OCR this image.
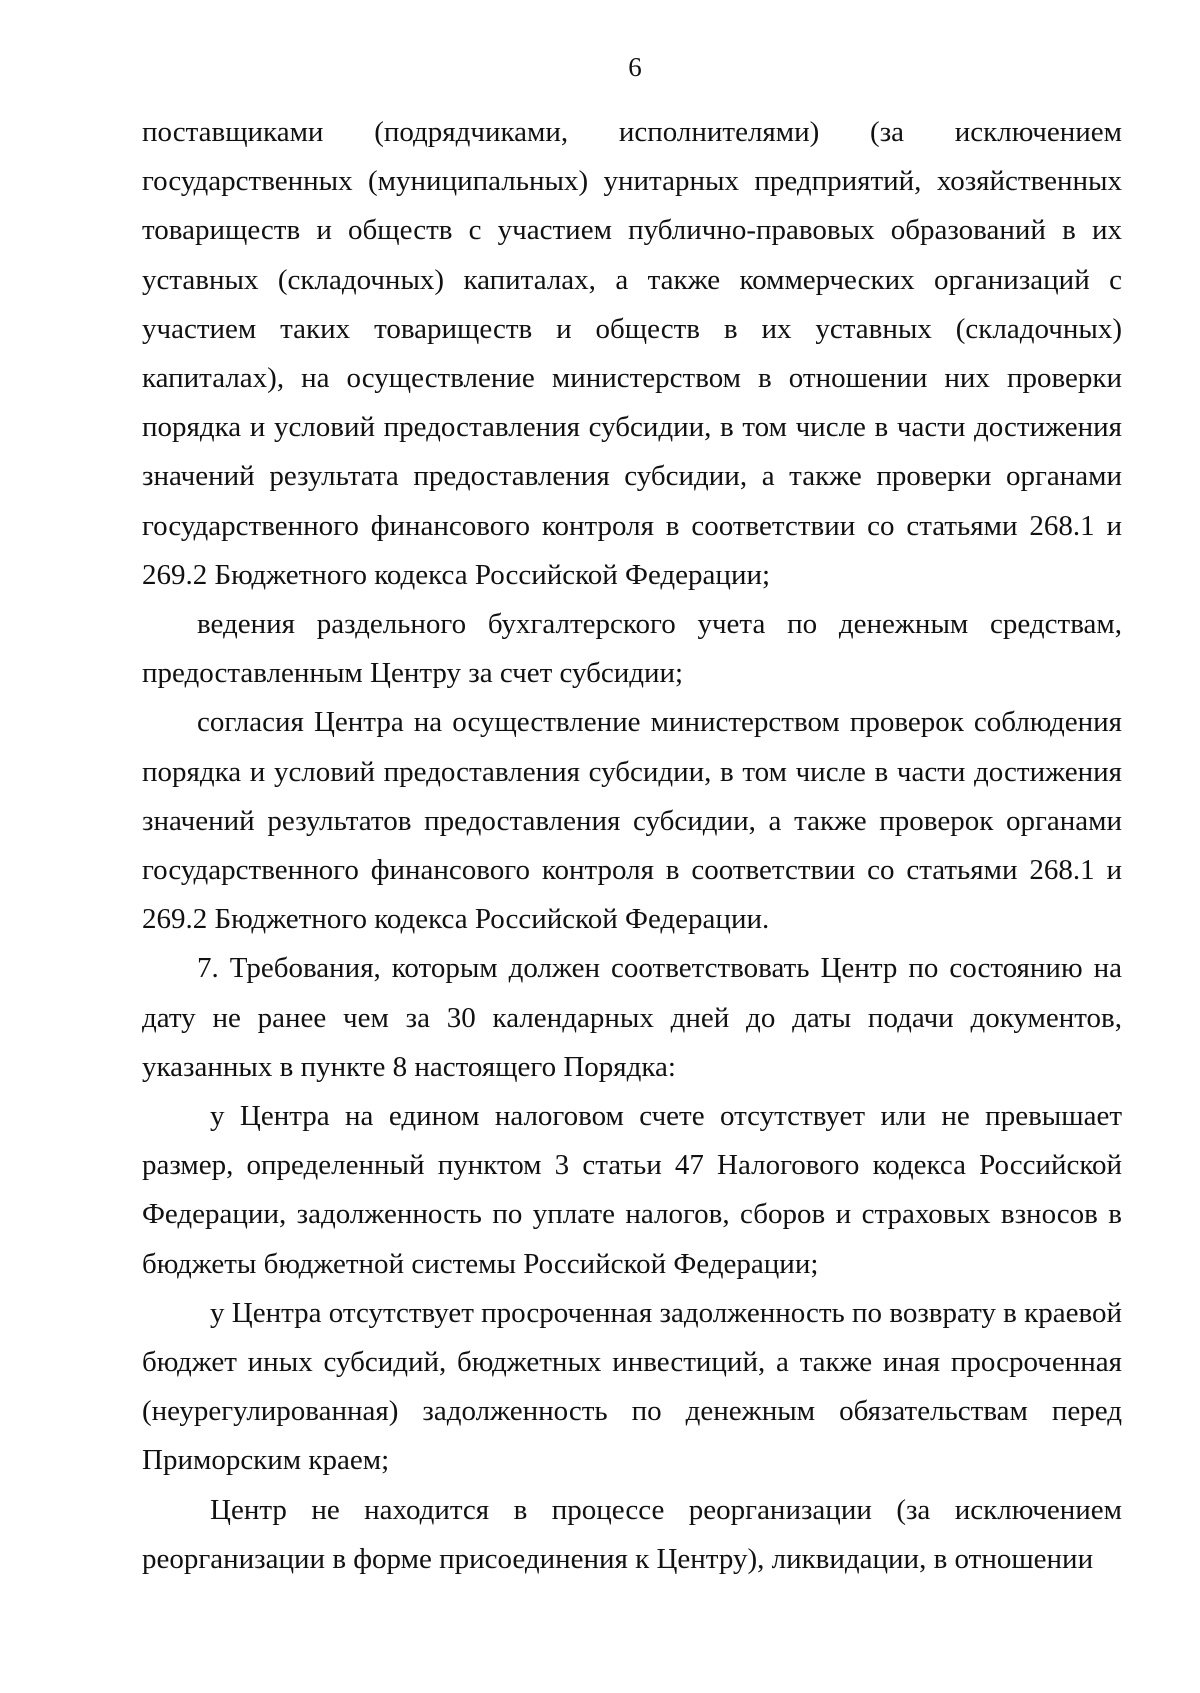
6

поставщиками (подрядчиками, исполнителями) (за исключением государственных (муниципальных) унитарных предприятий, хозяйственных товариществ и обществ с участием публично-правовых образований в их уставных (складочных) капиталах, а также коммерческих организаций с участием таких товариществ и обществ в их уставных (складочных) капиталах), на осуществление министерством в отношении них проверки порядка и условий предоставления субсидии, в том числе в части достижения значений результата предоставления субсидии, а также проверки органами государственного финансового контроля в соответствии со статьями 268.1 и 269.2 Бюджетного кодекса Российской Федерации;

ведения раздельного бухгалтерского учета по денежным средствам, предоставленным Центру за счет субсидии;

согласия Центра на осуществление министерством проверок соблюдения порядка и условий предоставления субсидии, в том числе в части достижения значений результатов предоставления субсидии, а также проверок органами государственного финансового контроля в соответствии со статьями 268.1 и 269.2 Бюджетного кодекса Российской Федерации.

7. Требования, которым должен соответствовать Центр по состоянию на дату не ранее чем за 30 календарных дней до даты подачи документов, указанных в пункте 8 настоящего Порядка:

у Центра на едином налоговом счете отсутствует или не превышает размер, определенный пунктом 3 статьи 47 Налогового кодекса Российской Федерации, задолженность по уплате налогов, сборов и страховых взносов в бюджеты бюджетной системы Российской Федерации;

у Центра отсутствует просроченная задолженность по возврату в краевой бюджет иных субсидий, бюджетных инвестиций, а также иная просроченная (неурегулированная) задолженность по денежным обязательствам перед Приморским краем;

Центр не находится в процессе реорганизации (за исключением реорганизации в форме присоединения к Центру), ликвидации, в отношении
